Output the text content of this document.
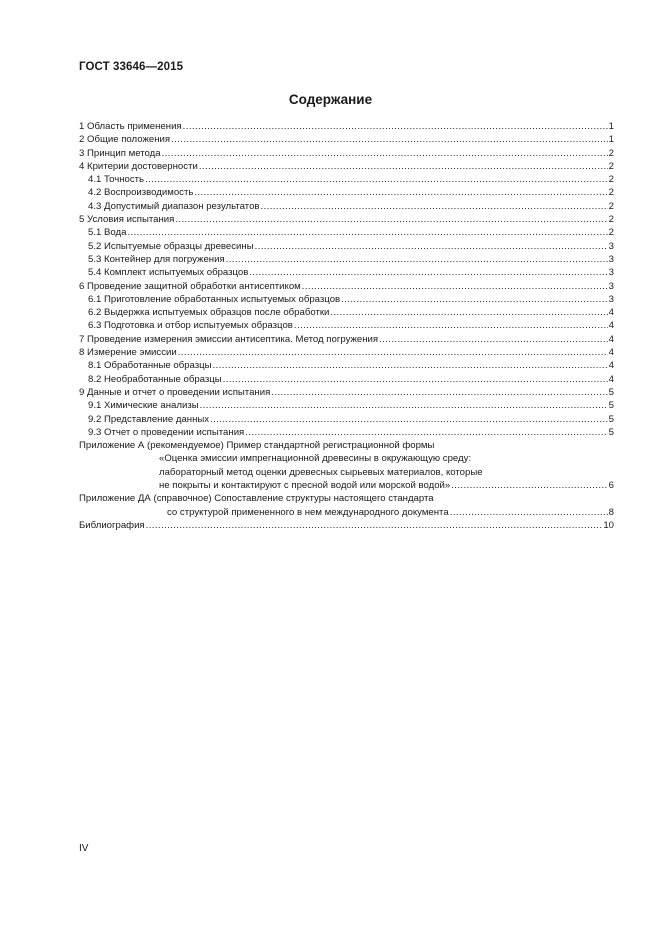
ГОСТ 33646—2015
Содержание
1 Область применения .....	1
2 Общие положения .....	1
3 Принцип метода .....	2
4 Критерии достоверности .....	2
4.1 Точность .....	2
4.2 Воспроизводимость .....	2
4.3 Допустимый диапазон результатов .....	2
5 Условия испытания .....	2
5.1 Вода .....	2
5.2 Испытуемые образцы древесины .....	3
5.3 Контейнер для погружения .....	3
5.4 Комплект испытуемых образцов .....	3
6 Проведение защитной обработки антисептиком .....	3
6.1 Приготовление обработанных испытуемых образцов .....	3
6.2 Выдержка испытуемых образцов после обработки .....	4
6.3 Подготовка и отбор испытуемых образцов .....	4
7 Проведение измерения эмиссии антисептика. Метод погружения .....	4
8 Измерение эмиссии .....	4
8.1 Обработанные образцы .....	4
8.2 Необработанные образцы .....	4
9 Данные и отчет о проведении испытания .....	5
9.1 Химические анализы .....	5
9.2 Представление данных .....	5
9.3 Отчет о проведении испытания .....	5
Приложение А (рекомендуемое) Пример стандартной регистрационной формы
«Оценка эмиссии импрегнационной древесины в окружающую среду:
лабораторный метод оценки древесных сырьевых материалов, которые
не покрыты и контактируют с пресной водой или морской водой» .....	6
Приложение ДА (справочное) Сопоставление структуры настоящего стандарта
со структурой примененного в нем международного документа .....	8
Библиография .....	10
IV
